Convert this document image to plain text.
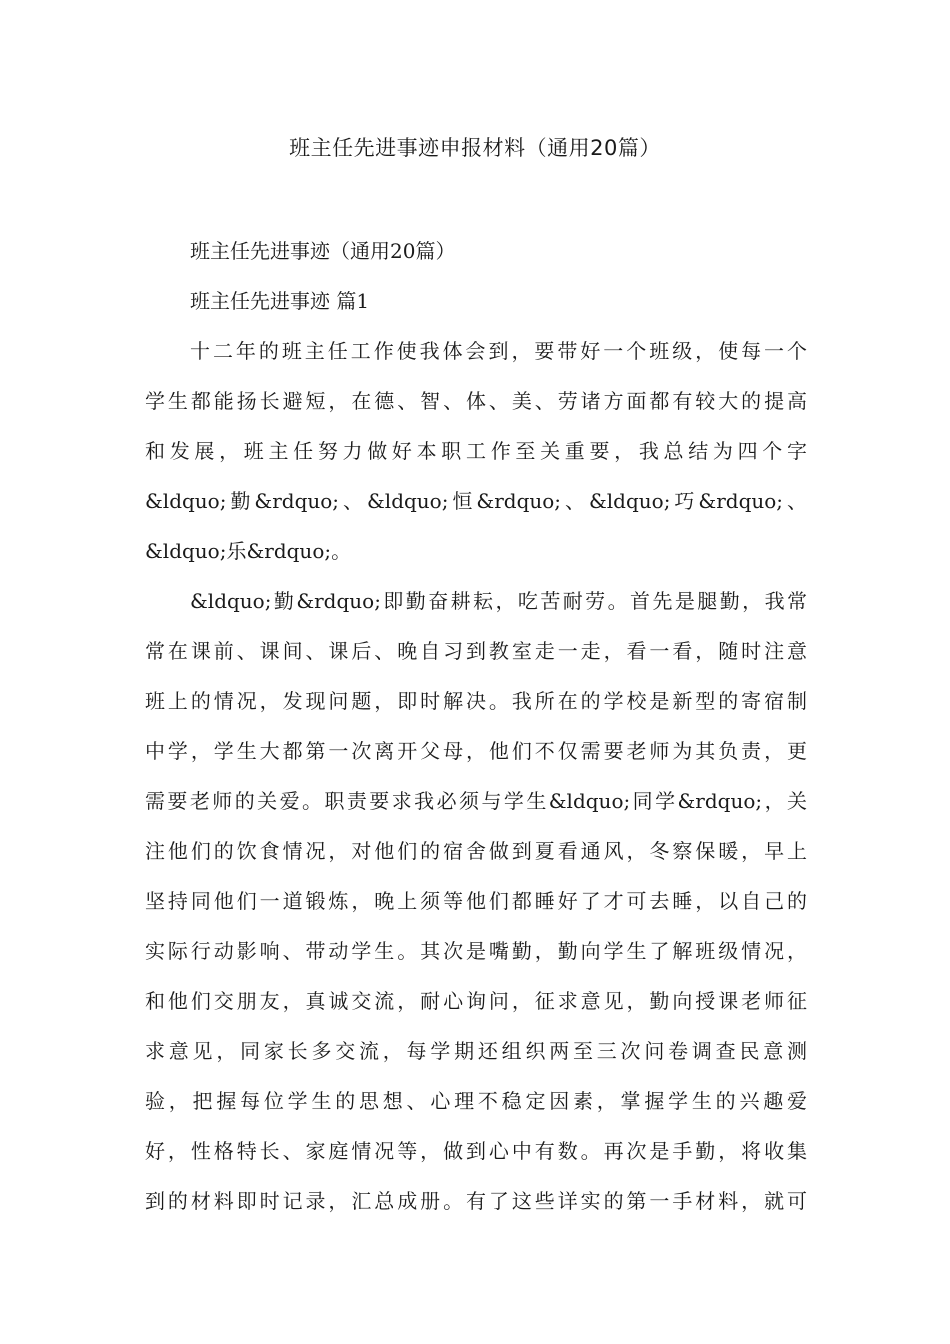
班主任先进事迹申报材料（通用20篇）

班主任先进事迹（通用20篇）

班主任先进事迹 篇1

十二年的班主任工作使我体会到，要带好一个班级，使每一个

学生都能扬长避短，在德、智、体、美、劳诸方面都有较大的提高

和发展，班主任努力做好本职工作至关重要，我总结为四个字

&ldquo;勤&rdquo;、&ldquo;恒&rdquo;、&ldquo;巧&rdquo;、

&ldquo;乐&rdquo;。

&ldquo;勤&rdquo;即勤奋耕耘，吃苦耐劳。首先是腿勤，我常

常在课前、课间、课后、晚自习到教室走一走，看一看，随时注意

班上的情况，发现问题，即时解决。我所在的学校是新型的寄宿制

中学，学生大都第一次离开父母，他们不仅需要老师为其负责，更

需要老师的关爱。职责要求我必须与学生&ldquo;同学&rdquo;，关

注他们的饮食情况，对他们的宿舍做到夏看通风，冬察保暖，早上

坚持同他们一道锻炼，晚上须等他们都睡好了才可去睡，以自己的

实际行动影响、带动学生。其次是嘴勤，勤向学生了解班级情况，

和他们交朋友，真诚交流，耐心询问，征求意见，勤向授课老师征

求意见，同家长多交流，每学期还组织两至三次问卷调查民意测

验，把握每位学生的思想、心理不稳定因素，掌握学生的兴趣爱

好，性格特长、家庭情况等，做到心中有数。再次是手勤，将收集

到的材料即时记录，汇总成册。有了这些详实的第一手材料，就可
